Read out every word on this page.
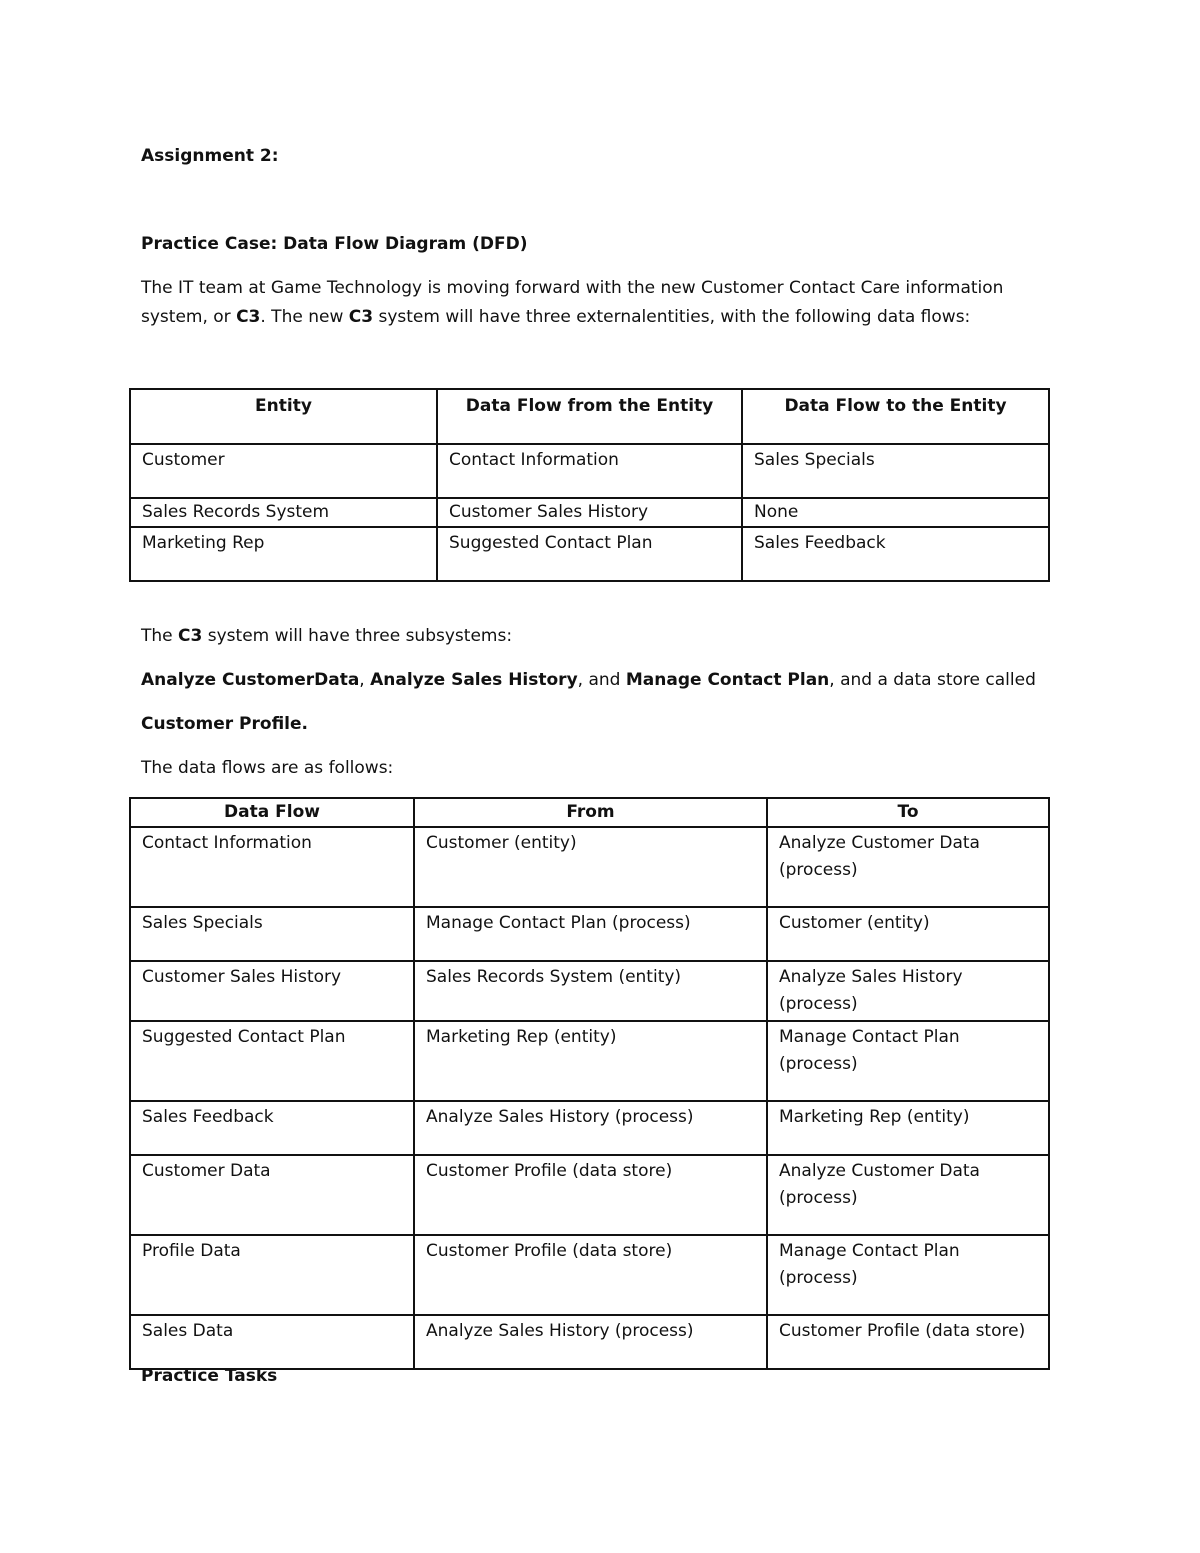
Assignment 2:
Practice Case: Data Flow Diagram (DFD)
The IT team at Game Technology is moving forward with the new Customer Contact Care information
system, or C3. The new C3 system will have three externalentities, with the following data flows:
Entity	Data Flow from the Entity	Data Flow to the Entity
Customer	Contact Information	Sales Specials
Sales Records System	Customer Sales History	None
Marketing Rep	Suggested Contact Plan	Sales Feedback
The C3 system will have three subsystems:
Analyze CustomerData, Analyze Sales History, and Manage Contact Plan, and a data store called
Customer Profile.
The data flows are as follows:
Data Flow	From	To
Contact Information	Customer (entity)	Analyze Customer Data (process)
Sales Specials	Manage Contact Plan (process)	Customer (entity)
Customer Sales History	Sales Records System (entity)	Analyze Sales History (process)
Suggested Contact Plan	Marketing Rep (entity)	Manage Contact Plan (process)
Sales Feedback	Analyze Sales History (process)	Marketing Rep (entity)
Customer Data	Customer Profile (data store)	Analyze Customer Data (process)
Profile Data	Customer Profile (data store)	Manage Contact Plan (process)
Sales Data	Analyze Sales History (process)	Customer Profile (data store)
Practice Tasks
